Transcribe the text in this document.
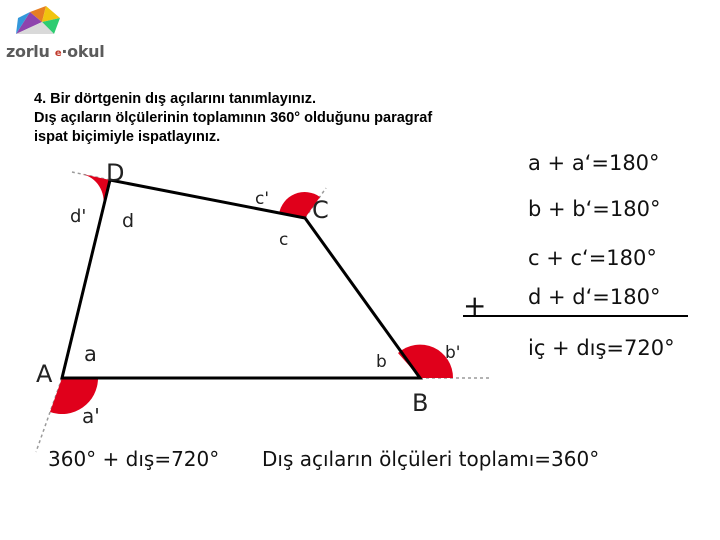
zorlu e·okul

4. Bir dörtgenin dış açılarını tanımlayınız.

Dış açıların ölçülerinin toplamının 360° olduğunu paragraf

ispat biçimiyle ispatlayınız.

D
C
B
A
d
c
b
a
d'
c'
b'
a'
a + a‘=180°
b + b‘=180°
c + c‘=180°
d + d‘=180°
+
iç + dış=720°
360° + dış=720° Dış açıların ölçüleri toplamı=360°
